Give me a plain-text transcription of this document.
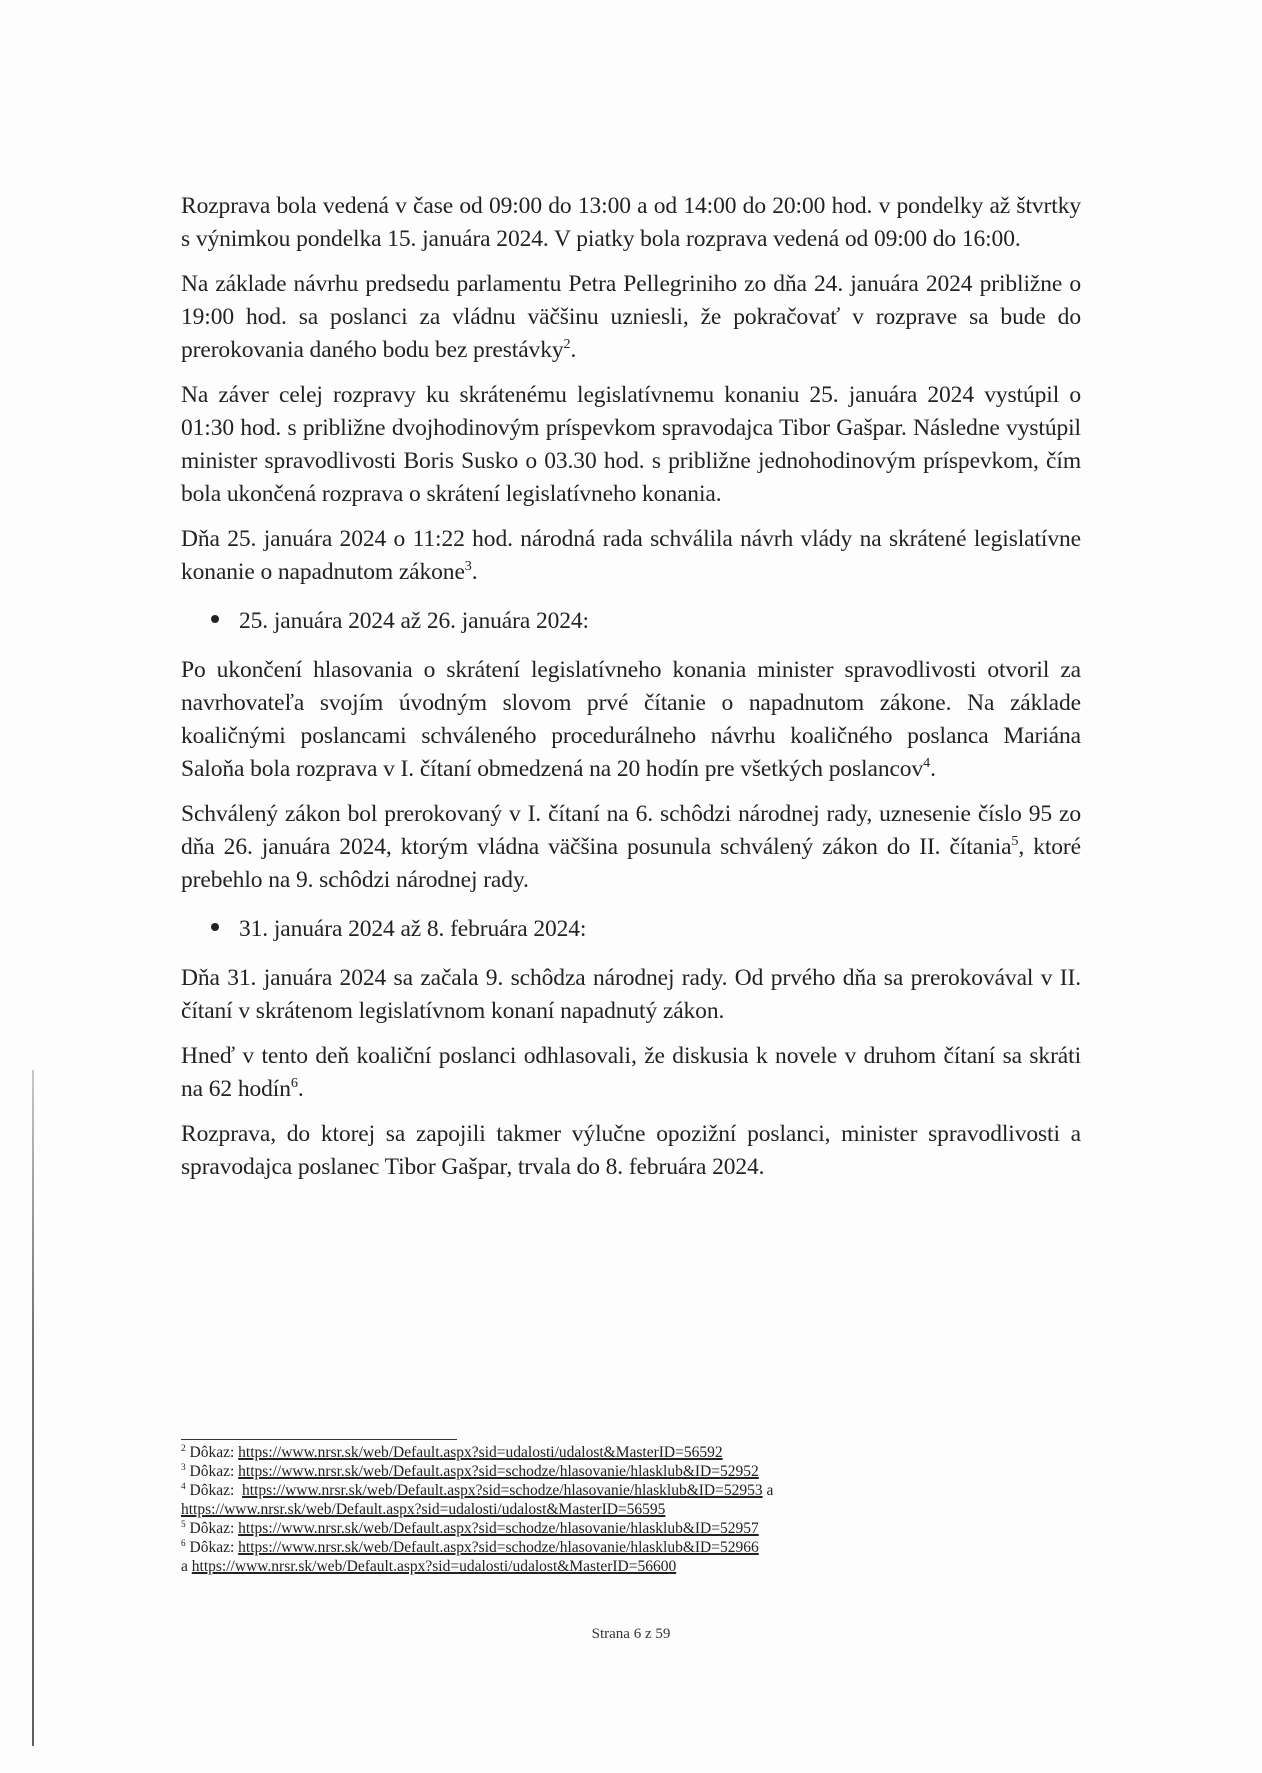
Rozprava bola vedená v čase od 09:00 do 13:00 a od 14:00 do 20:00 hod. v pondelky až štvrtky s výnimkou pondelka 15. januára 2024. V piatky bola rozprava vedená od 09:00 do 16:00.

Na základe návrhu predsedu parlamentu Petra Pellegriniho zo dňa 24. januára 2024 približne o 19:00 hod. sa poslanci za vládnu väčšinu uzniesli, že pokračovať v rozprave sa bude do prerokovania daného bodu bez prestávky$^2$.

Na záver celej rozpravy ku skrátenému legislatívnemu konaniu 25. januára 2024 vystúpil o 01:30 hod. s približne dvojhodinovým príspevkom spravodajca Tibor Gašpar. Následne vystúpil minister spravodlivosti Boris Susko o 03.30 hod. s približne jednohodinovým príspevkom, čím bola ukončená rozprava o skrátení legislatívneho konania.

Dňa 25. januára 2024 o 11:22 hod. národná rada schválila návrh vlády na skrátené legislatívne konanie o napadnutom zákone$^3$.

25. januára 2024 až 26. januára 2024:

Po ukončení hlasovania o skrátení legislatívneho konania minister spravodlivosti otvoril za navrhovateľa svojím úvodným slovom prvé čítanie o napadnutom zákone. Na základe koaličnými poslancami schváleného procedurálneho návrhu koaličného poslanca Mariána Saloňa bola rozprava v I. čítaní obmedzená na 20 hodín pre všetkých poslancov$^4$.

Schválený zákon bol prerokovaný v I. čítaní na 6. schôdzi národnej rady, uznesenie číslo 95 zo dňa 26. januára 2024, ktorým vládna väčšina posunula schválený zákon do II. čítania$^5$, ktoré prebehlo na 9. schôdzi národnej rady.

31. januára 2024 až 8. februára 2024:

Dňa 31. januára 2024 sa začala 9. schôdza národnej rady. Od prvého dňa sa prerokovával v II. čítaní v skrátenom legislatívnom konaní napadnutý zákon.

Hneď v tento deň koaliční poslanci odhlasovali, že diskusia k novele v druhom čítaní sa skráti na 62 hodín$^6$.

Rozprava, do ktorej sa zapojili takmer výlučne opozižní poslanci, minister spravodlivosti a spravodajca poslanec Tibor Gašpar, trvala do 8. februára 2024.

$^2$ Dôkaz: https://www.nrsr.sk/web/Default.aspx?sid=udalosti/udalost&MasterID=56592

$^3$ Dôkaz: https://www.nrsr.sk/web/Default.aspx?sid=schodze/hlasovanie/hlasklub&ID=52952

$^4$ Dôkaz: https://www.nrsr.sk/web/Default.aspx?sid=schodze/hlasovanie/hlasklub&ID=52953 a

https://www.nrsr.sk/web/Default.aspx?sid=udalosti/udalost&MasterID=56595

$^5$ Dôkaz: https://www.nrsr.sk/web/Default.aspx?sid=schodze/hlasovanie/hlasklub&ID=52957

$^6$ Dôkaz: https://www.nrsr.sk/web/Default.aspx?sid=schodze/hlasovanie/hlasklub&ID=52966

a https://www.nrsr.sk/web/Default.aspx?sid=udalosti/udalost&MasterID=56600

Strana 6 z 59
